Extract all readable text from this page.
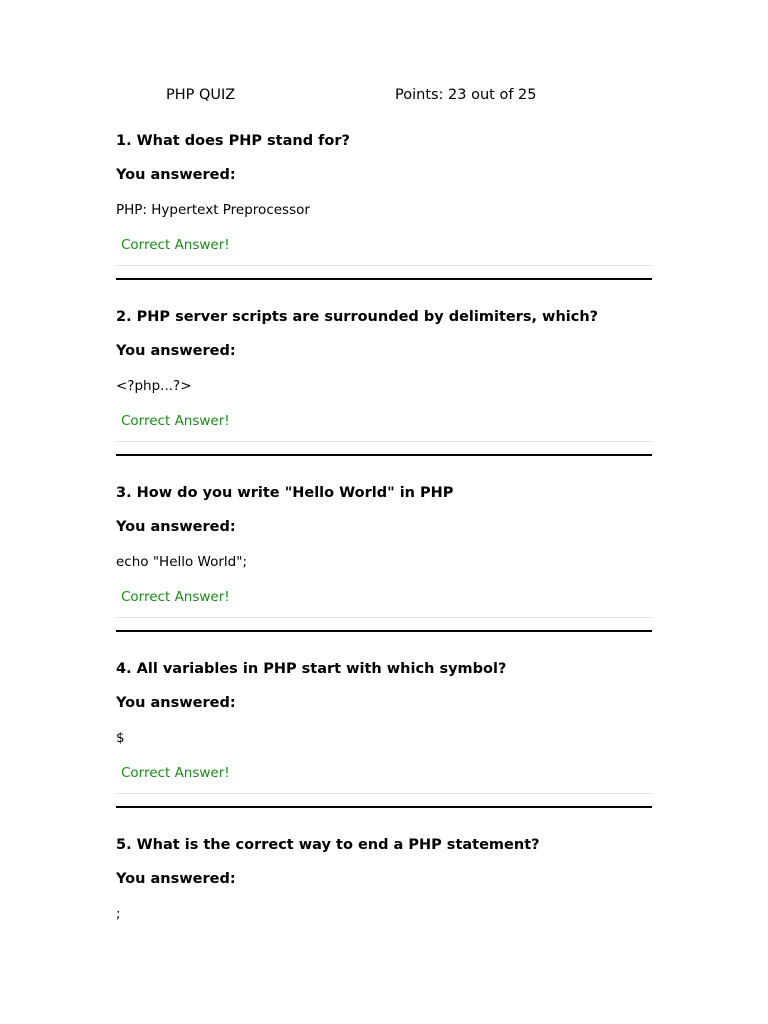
PHP QUIZ	Points: 23 out of 25
1. What does PHP stand for?
You answered:
PHP: Hypertext Preprocessor
Correct Answer!
2. PHP server scripts are surrounded by delimiters, which?
You answered:
<?php...?>
Correct Answer!
3. How do you write "Hello World" in PHP
You answered:
echo "Hello World";
Correct Answer!
4. All variables in PHP start with which symbol?
You answered:
$
Correct Answer!
5. What is the correct way to end a PHP statement?
You answered:
;
